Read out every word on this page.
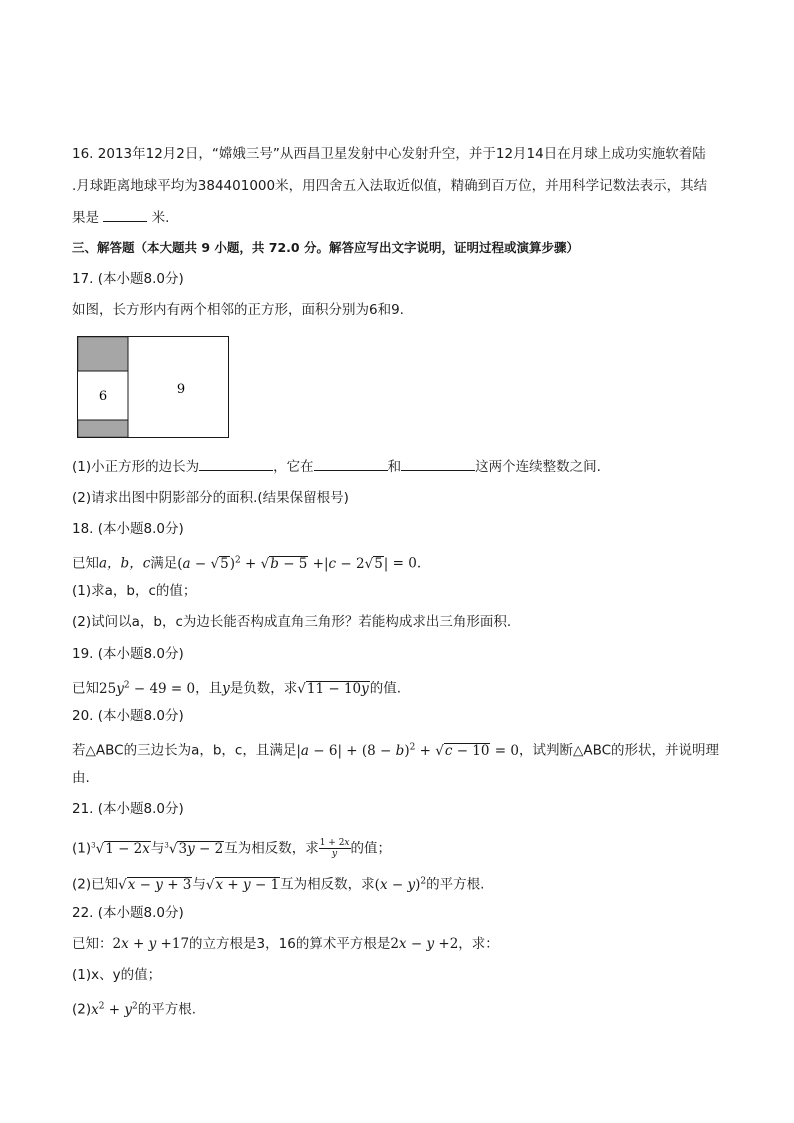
16. 2013年12月2日，“嫦娥三号”从西昌卫星发射中心发射升空，并于12月14日在月球上成功实施软着陆
.月球距离地球平均为384401000米，用四舍五入法取近似值，精确到百万位，并用科学记数法表示，其结
果是	米.
三、解答题（本大题共 9 小题，共 72.0 分。解答应写出文字说明，证明过程或演算步骤）
17. (本小题8.0分)
如图，长方形内有两个相邻的正方形，面积分别为6和9.
6	9
(1)小正方形的边长为	，它在	和	这两个连续整数之间.
(2)请求出图中阴影部分的面积.(结果保留根号)
18. (本小题8.0分)
已知a，b，c满足$(a - √5)^2 + √b - 5 +|c - 2√5| = 0$.
(1)求a，b，c的值；
(2)试问以a，b，c为边长能否构成直角三角形？若能构成求出三角形面积.
19. (本小题8.0分)
已知$25y^2 - 49 = 0$，且y是负数，求√11 − 10y的值.
20. (本小题8.0分)
若△ABC的三边长为a，b，c，且满足$|a - 6| + (8 - b)^2 + √c - 10 = 0$，试判断△ABC的形状，并说明理
由.
21. (本小题8.0分)
$(1)^3√1 - 2x$与$^3$√3y − 2互为相反数，求 $\frac{1 + 2x}{y}$ 的值；
(2)已知√x − y + 3与√x + y − 1互为相反数，求$(x - y)^2$的平方根.
22. (本小题8.0分)
已知：2x + y +17的立方根是3，16的算术平方根是2x − y +2，求：
(1)x、y的值；
$(2)x^2 + y^2$的平方根.
